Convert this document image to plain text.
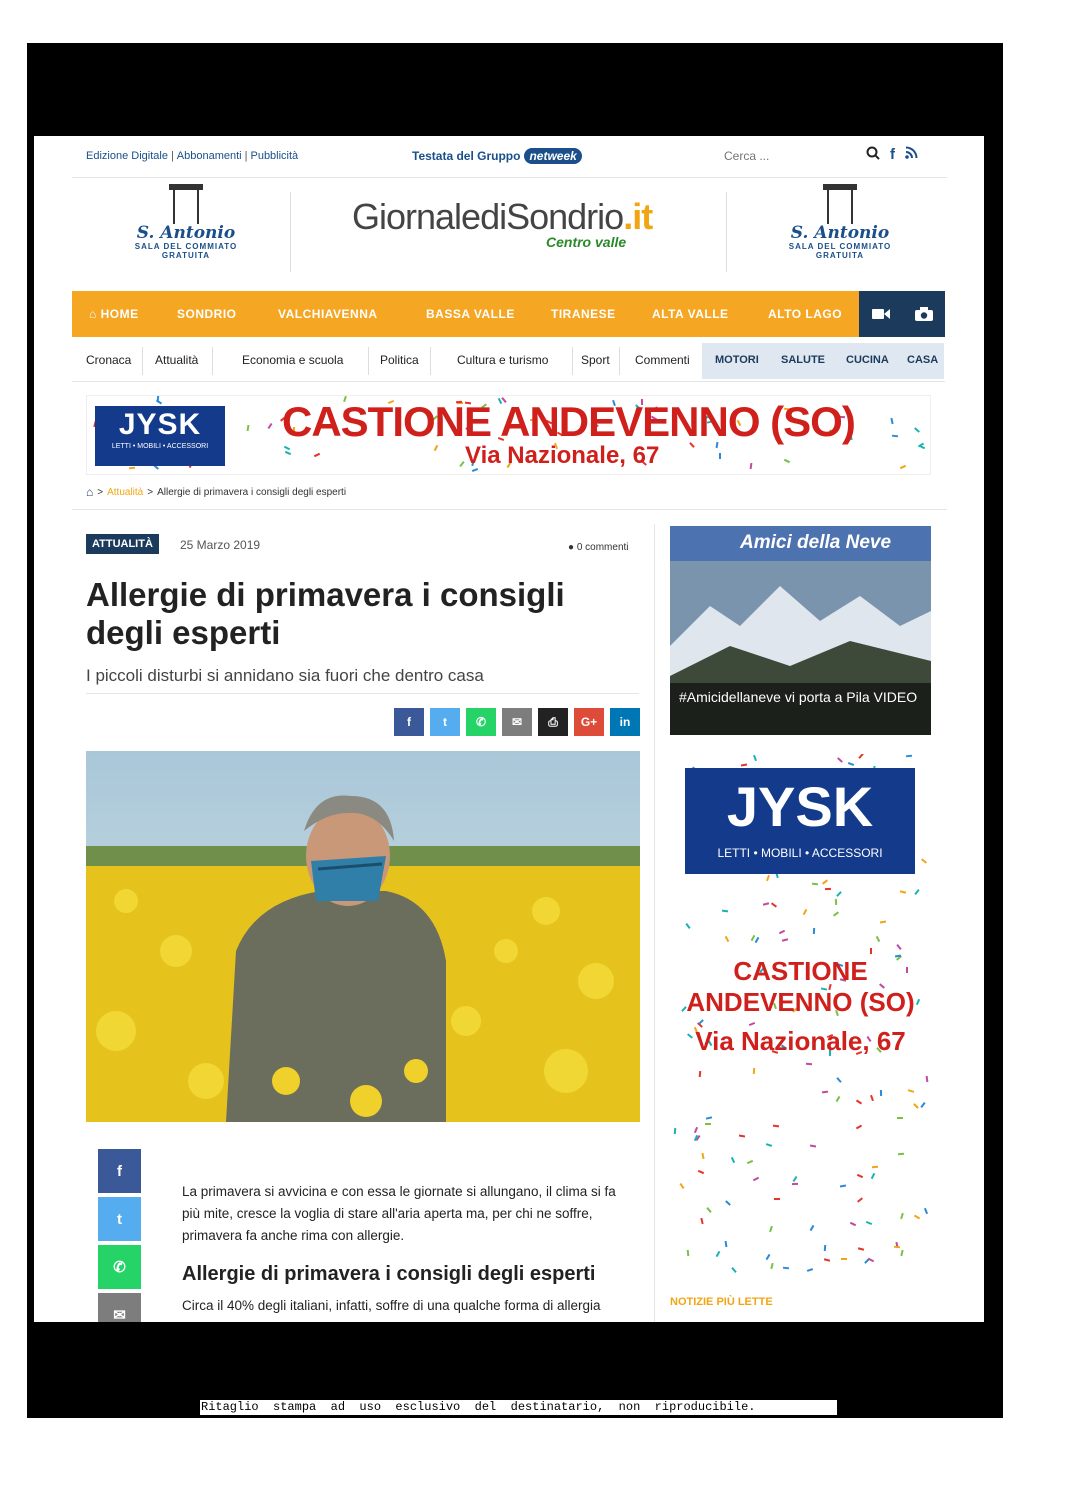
Edizione Digitale | Abbonamenti | Pubblicità	Testata del Gruppo netweek
Cerca ...	f
S. Antonio
SALA DEL COMMIATO
GRATUITA
GiornalediSondrio.it
Centro valle	S. Antonio
SALA DEL COMMIATO
GRATUITA
⌂ HOME	SONDRIO	VALCHIAVENNA	BASSA VALLE	TIRANESE	ALTA VALLE	ALTO LAGO
Cronaca Attualità	Economia e scuola	Politica	Cultura e turismo	Sport Commenti MOTORI SALUTE CUCINA CASA
JYSK
LETTI • MOBILI • ACCESSORI
CASTIONE ANDEVENNO (SO)
Via Nazionale, 67
⌂ > Attualità > Allergie di primavera i consigli degli esperti
ATTUALITÀ	25 Marzo 2019	● 0 commenti
Allergie di primavera i consigli degli esperti
I piccoli disturbi si annidano sia fuori che dentro casa
f	t	✆	✉	⎙	G+	in
f
t
✆
✉

La primavera si avvicina e con essa le giornate si allungano, il clima si fa più mite, cresce la voglia di stare all'aria aperta ma, per chi ne soffre, primavera fa anche rima con allergie.

Allergie di primavera i consigli degli esperti

Circa il 40% degli italiani, infatti, soffre di una qualche forma di allergia

Amici della Neve
#Amicidellaneve vi porta a Pila VIDEO
JYSK
LETTI • MOBILI • ACCESSORI
CASTIONE
ANDEVENNO (SO)
Via Nazionale, 67
NOTIZIE PIÙ LETTE
Ritaglio  stampa  ad  uso  esclusivo  del  destinatario,  non  riproducibile.
